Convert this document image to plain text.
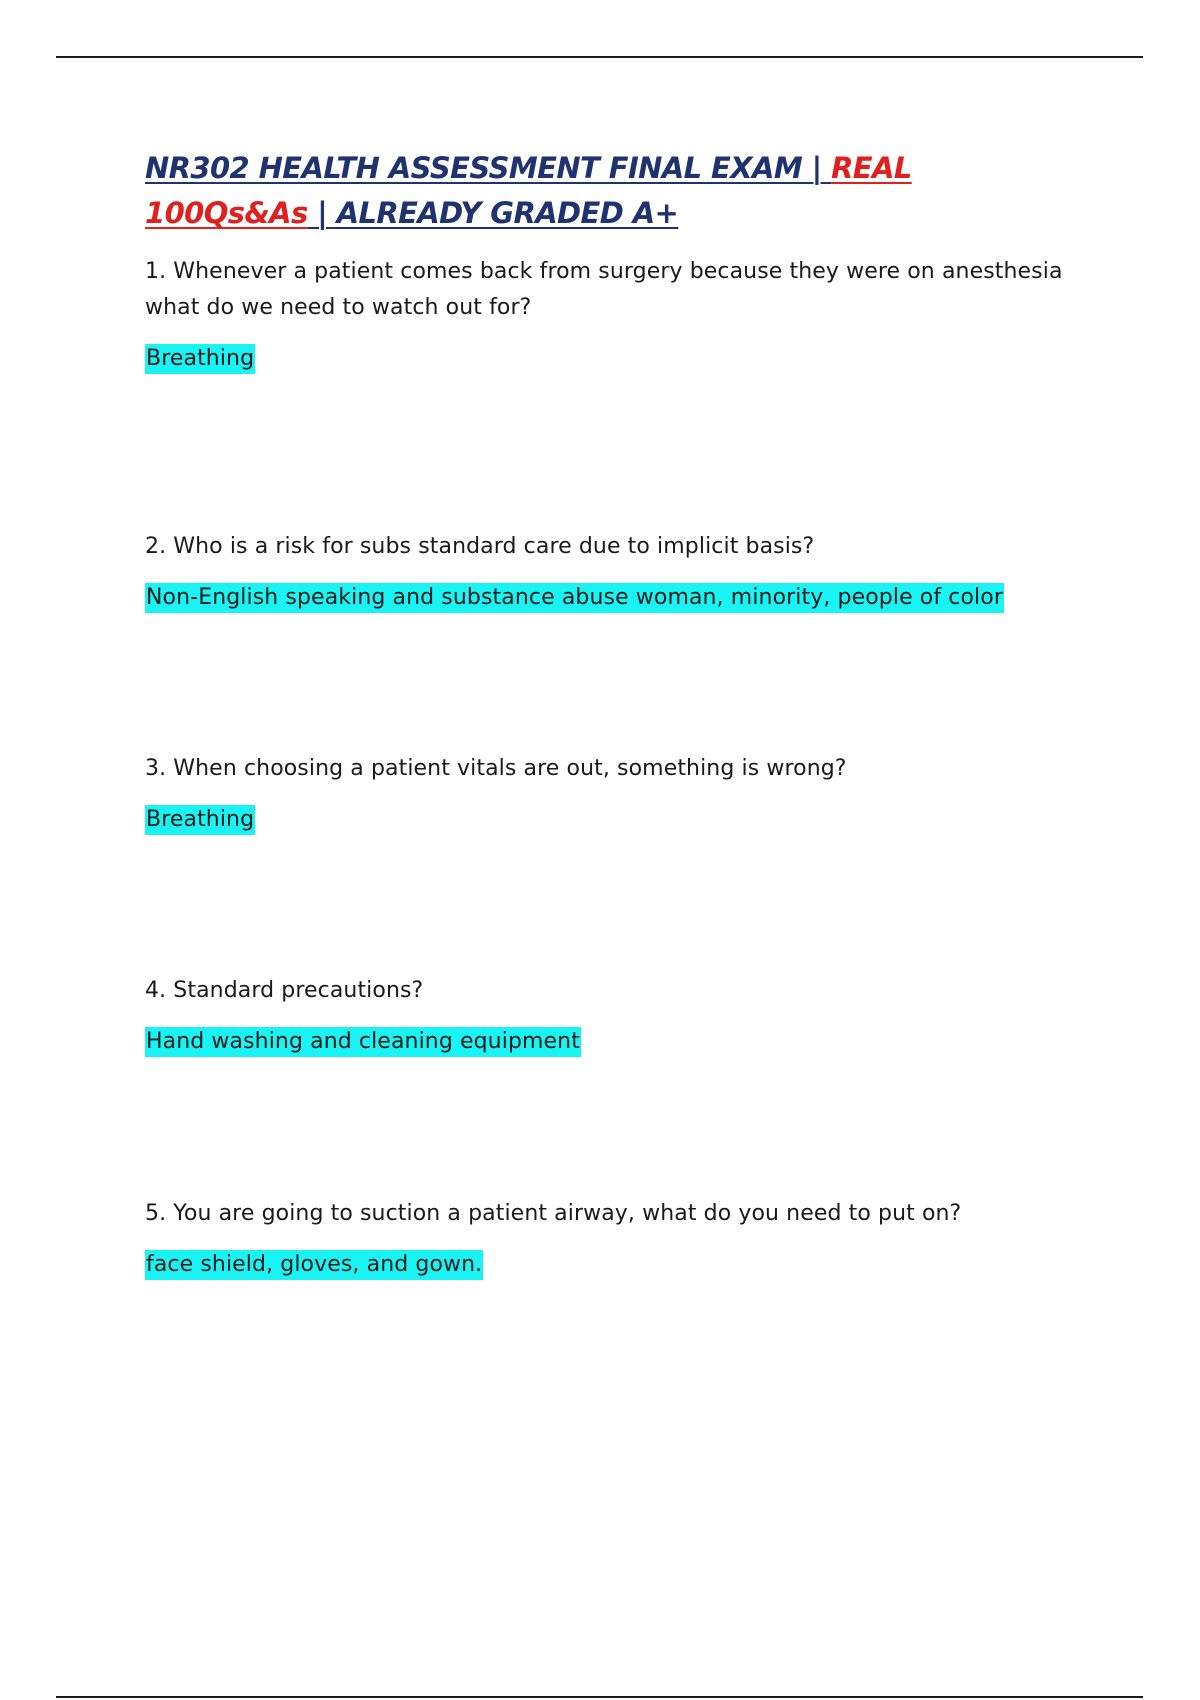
NR302 HEALTH ASSESSMENT FINAL EXAM | REAL
100Qs&As | ALREADY GRADED A+

1. Whenever a patient comes back from surgery because they were on anesthesia what do we need to watch out for?

Breathing

2. Who is a risk for subs standard care due to implicit basis?

Non-English speaking and substance abuse woman, minority, people of color

3. When choosing a patient vitals are out, something is wrong?

Breathing

4. Standard precautions?

Hand washing and cleaning equipment

5. You are going to suction a patient airway, what do you need to put on?

face shield, gloves, and gown.
